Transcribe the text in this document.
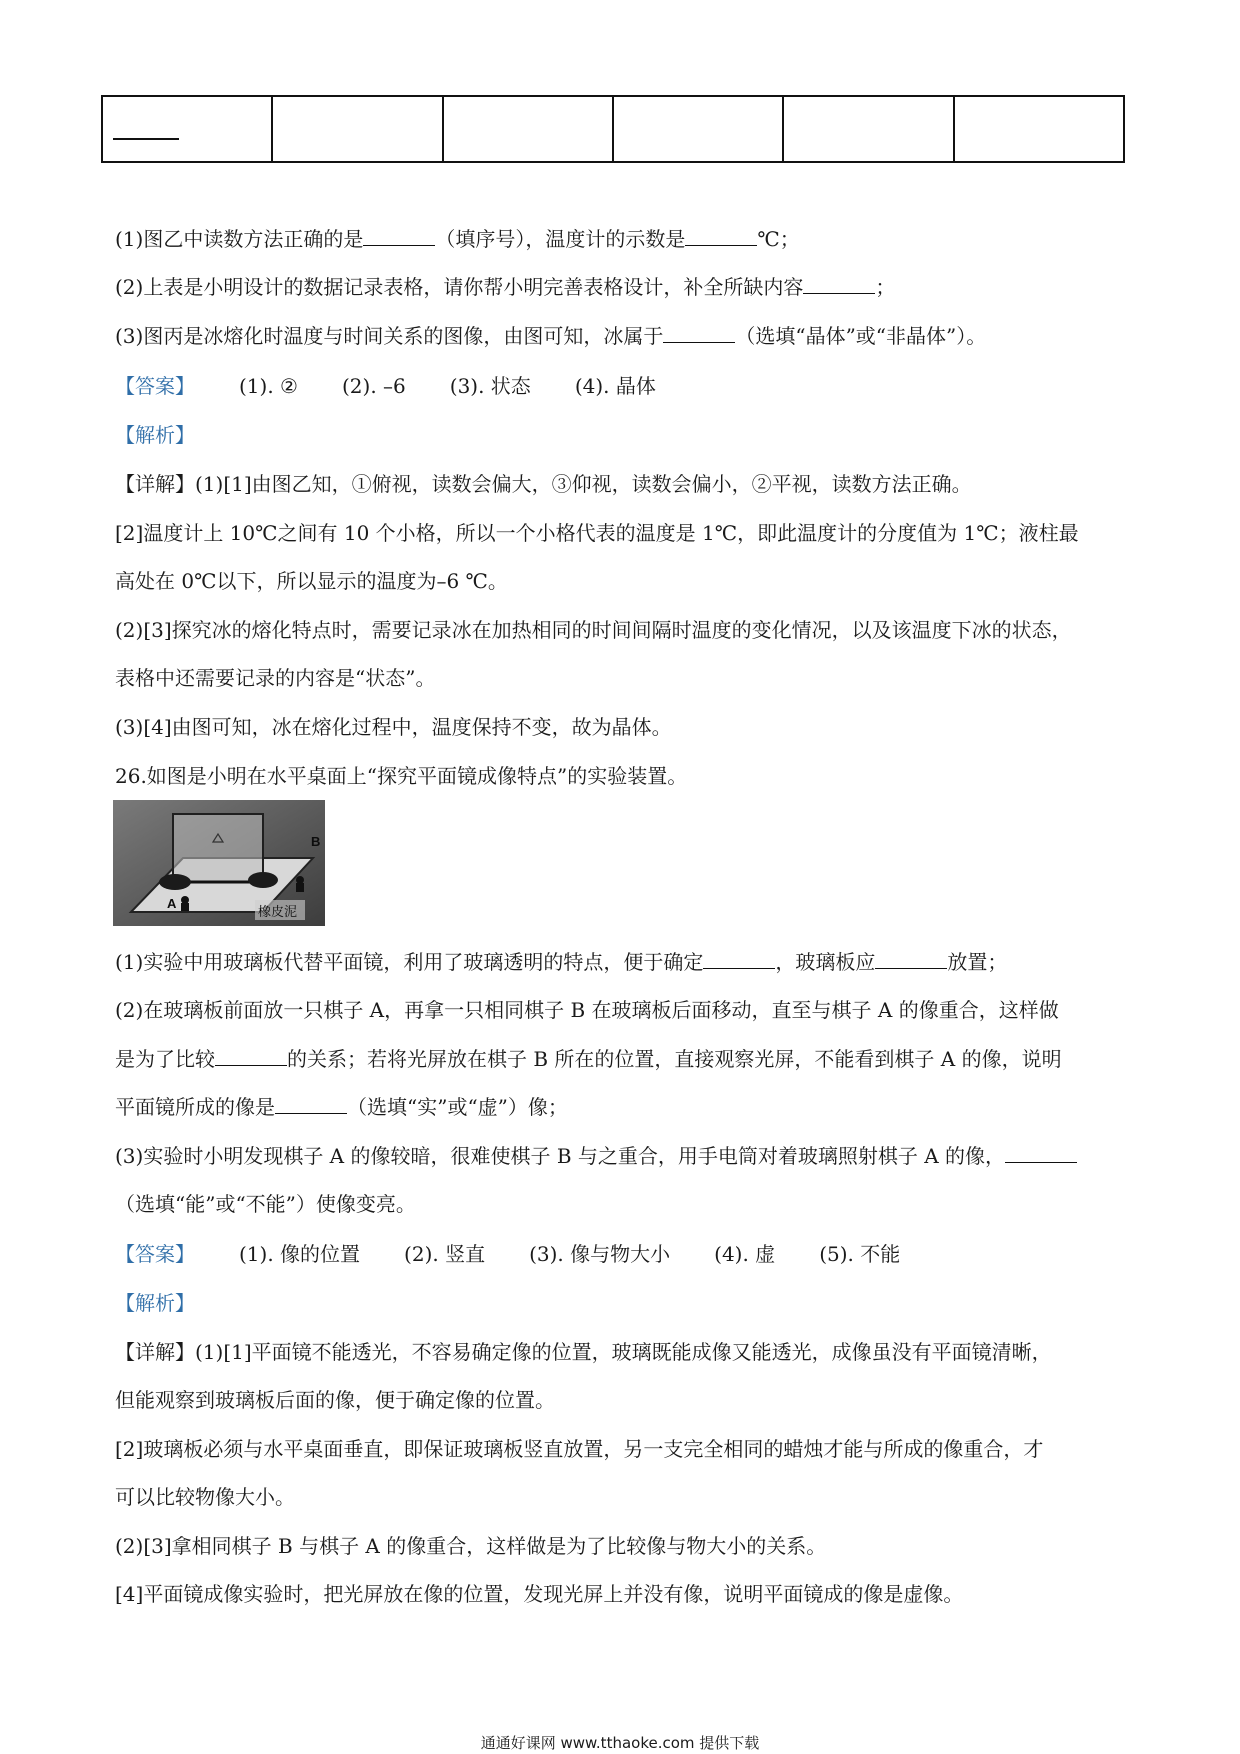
(1)图乙中读数方法正确的是	（填序号），温度计的示数是	℃；
(2)上表是小明设计的数据记录表格，请你帮小明完善表格设计，补全所缺内容	；
(3)图丙是冰熔化时温度与时间关系的图像，由图可知，冰属于	（选填“晶体”或“非晶体”）。
【答案】 (1). ② (2). –6 (3). 状态 (4). 晶体
【解析】
【详解】(1)[1]由图乙知，①俯视，读数会偏大，③仰视，读数会偏小，②平视，读数方法正确。
[2]温度计上 10℃之间有 10 个小格，所以一个小格代表的温度是 1℃，即此温度计的分度值为 1℃；液柱最
高处在 0℃以下，所以显示的温度为–6 ℃。
(2)[3]探究冰的熔化特点时，需要记录冰在加热相同的时间间隔时温度的变化情况，以及该温度下冰的状态，
表格中还需要记录的内容是“状态”。
(3)[4]由图可知，冰在熔化过程中，温度保持不变，故为晶体。
26.如图是小明在水平桌面上“探究平面镜成像特点”的实验装置。
A
B
橡皮泥
(1)实验中用玻璃板代替平面镜，利用了玻璃透明的特点，便于确定	，玻璃板应	放置；
(2)在玻璃板前面放一只棋子 A，再拿一只相同棋子 B 在玻璃板后面移动，直至与棋子 A 的像重合，这样做
是为了比较	的关系；若将光屏放在棋子 B 所在的位置，直接观察光屏，不能看到棋子 A 的像，说明
平面镜所成的像是	（选填“实”或“虚”）像；
(3)实验时小明发现棋子 A 的像较暗，很难使棋子 B 与之重合，用手电筒对着玻璃照射棋子 A 的像，
（选填“能”或“不能”）使像变亮。
【答案】 (1). 像的位置 (2). 竖直 (3). 像与物大小 (4). 虚 (5). 不能
【解析】
【详解】(1)[1]平面镜不能透光，不容易确定像的位置，玻璃既能成像又能透光，成像虽没有平面镜清晰，
但能观察到玻璃板后面的像，便于确定像的位置。
[2]玻璃板必须与水平桌面垂直，即保证玻璃板竖直放置，另一支完全相同的蜡烛才能与所成的像重合，才
可以比较物像大小。
(2)[3]拿相同棋子 B 与棋子 A 的像重合，这样做是为了比较像与物大小的关系。
[4]平面镜成像实验时，把光屏放在像的位置，发现光屏上并没有像，说明平面镜成的像是虚像。
通通好课网 www.tthaoke.com 提供下载
